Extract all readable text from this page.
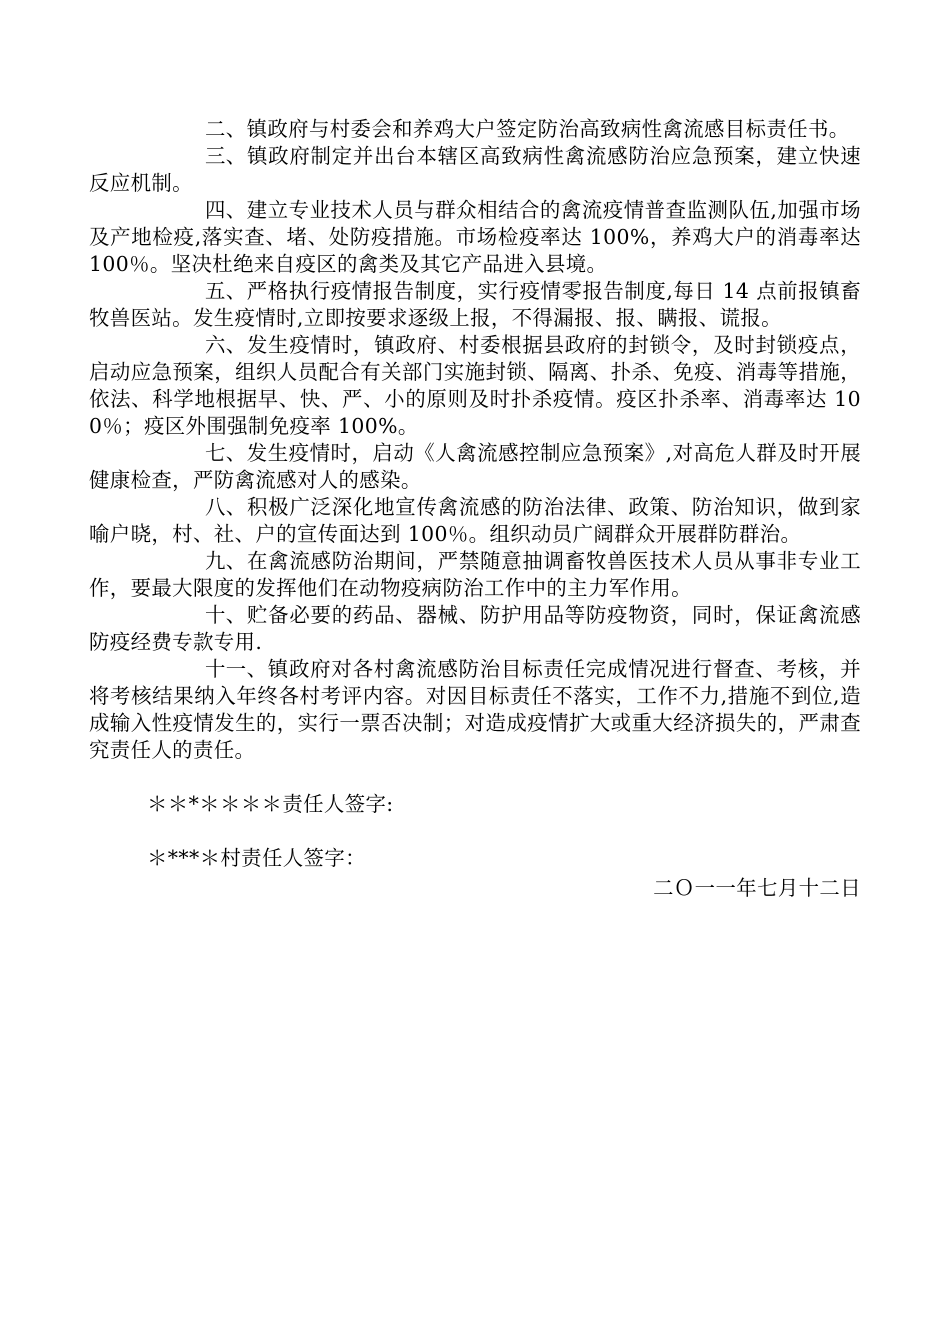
二、镇政府与村委会和养鸡大户签定防治高致病性禽流感目标责任书。

三、镇政府制定并出台本辖区高致病性禽流感防治应急预案，建立快速反应机制。

四、建立专业技术人员与群众相结合的禽流疫情普查监测队伍,加强市场及产地检疫,落实查、堵、处防疫措施。市场检疫率达 100%，养鸡大户的消毒率达 100％。坚决杜绝来自疫区的禽类及其它产品进入县境。

五、严格执行疫情报告制度，实行疫情零报告制度,每日 14 点前报镇畜牧兽医站。发生疫情时,立即按要求逐级上报，不得漏报、报、瞒报、谎报。

六、发生疫情时，镇政府、村委根据县政府的封锁令，及时封锁疫点，启动应急预案，组织人员配合有关部门实施封锁、隔离、扑杀、免疫、消毒等措施，依法、科学地根据早、快、严、小的原则及时扑杀疫情。疫区扑杀率、消毒率达 100％；疫区外围强制免疫率 100%。

七、发生疫情时，启动《人禽流感控制应急预案》,对高危人群及时开展健康检查，严防禽流感对人的感染。

八、积极广泛深化地宣传禽流感的防治法律、政策、防治知识，做到家喻户晓，村、社、户的宣传面达到 100％。组织动员广阔群众开展群防群治。

九、在禽流感防治期间，严禁随意抽调畜牧兽医技术人员从事非专业工作，要最大限度的发挥他们在动物疫病防治工作中的主力军作用。

十、贮备必要的药品、器械、防护用品等防疫物资，同时，保证禽流感防疫经费专款专用.

十一、镇政府对各村禽流感防治目标责任完成情况进行督查、考核，并将考核结果纳入年终各村考评内容。对因目标责任不落实，工作不力,措施不到位,造成输入性疫情发生的，实行一票否决制；对造成疫情扩大或重大经济损失的，严肃查究责任人的责任。

＊＊*＊＊＊＊责任人签字:

＊***＊村责任人签字：

二Ｏ一一年七月十二日
